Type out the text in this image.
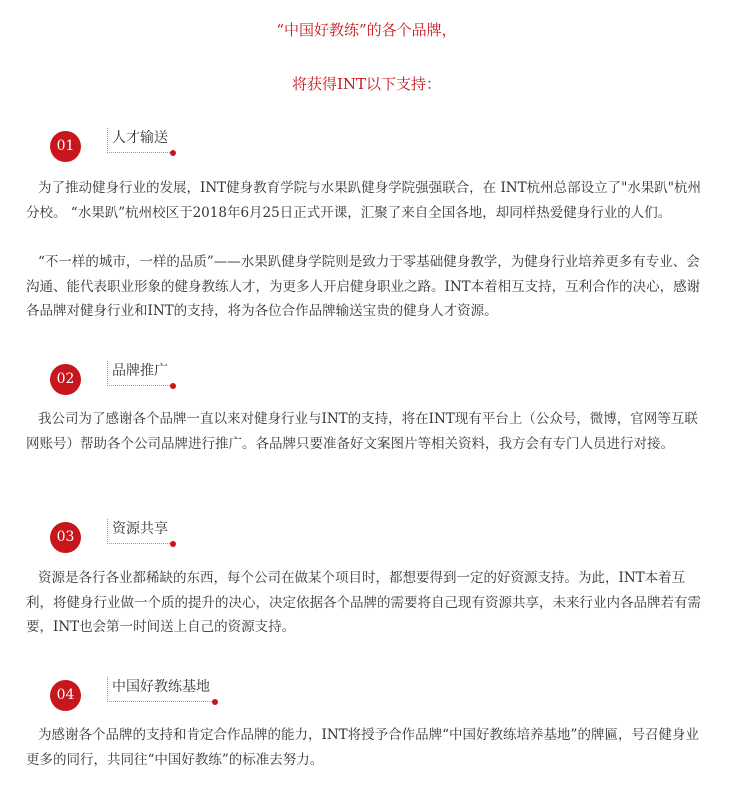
“中国好教练”的各个品牌，
将获得INT以下支持：
01	人才输送
为了推动健身行业的发展，INT健身教育学院与水果趴健身学院强强联合，在 INT杭州总部设立了"水果趴"杭州分校。 “水果趴”杭州校区于2018年6月25日正式开课，汇聚了来自全国各地，却同样热爱健身行业的人们。
“不一样的城市，一样的品质”——水果趴健身学院则是致力于零基础健身教学，为健身行业培养更多有专业、会沟通、能代表职业形象的健身教练人才，为更多人开启健身职业之路。INT本着相互支持，互利合作的决心，感谢各品牌对健身行业和INT的支持，将为各位合作品牌输送宝贵的健身人才资源。
02	品牌推广
我公司为了感谢各个品牌一直以来对健身行业与INT的支持，将在INT现有平台上（公众号，微博，官网等互联网账号）帮助各个公司品牌进行推广。各品牌只要准备好文案图片等相关资料，我方会有专门人员进行对接。
03	资源共享
资源是各行各业都稀缺的东西，每个公司在做某个项目时，都想要得到一定的好资源支持。为此，INT本着互利，将健身行业做一个质的提升的决心，决定依据各个品牌的需要将自己现有资源共享，未来行业内各品牌若有需要，INT也会第一时间送上自己的资源支持。
04	中国好教练基地
为感谢各个品牌的支持和肯定合作品牌的能力，INT将授予合作品牌“中国好教练培养基地”的牌匾，号召健身业更多的同行，共同往“中国好教练”的标准去努力。
